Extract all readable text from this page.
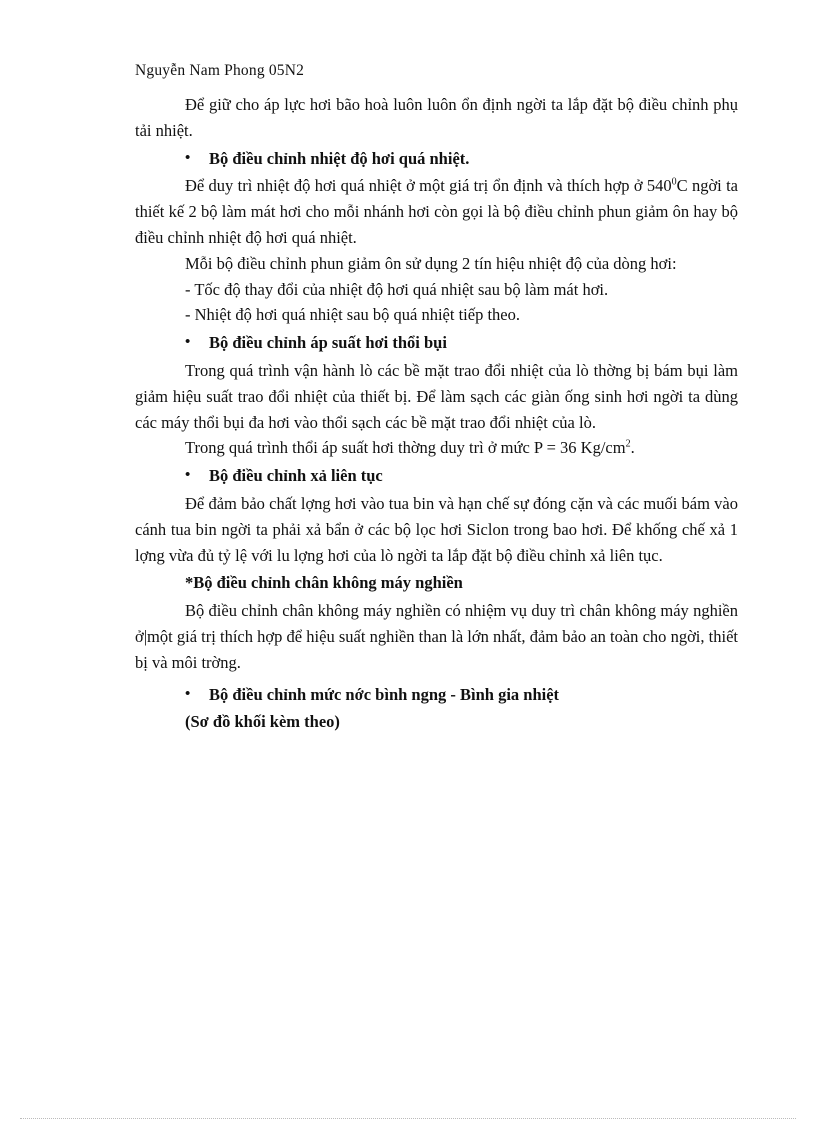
Nguyễn Nam Phong 05N2

Để giữ cho áp lực hơi bão hoà luôn luôn ổn định ngời ta lắp đặt bộ điều chỉnh phụ tải nhiệt.

• Bộ điều chỉnh nhiệt độ hơi quá nhiệt.

Để duy trì nhiệt độ hơi quá nhiệt ở một giá trị ổn định và thích hợp ở $540^0C$ ngời ta thiết kế 2 bộ làm mát hơi cho mỗi nhánh hơi còn gọi là bộ điều chỉnh phun giảm ôn hay bộ điều chỉnh nhiệt độ hơi quá nhiệt.

Mỗi bộ điều chỉnh phun giảm ôn sử dụng 2 tín hiệu nhiệt độ của dòng hơi:

- Tốc độ thay đổi của nhiệt độ hơi quá nhiệt sau bộ làm mát hơi.

- Nhiệt độ hơi quá nhiệt sau bộ quá nhiệt tiếp theo.

• Bộ điều chỉnh áp suất hơi thổi bụi

Trong quá trình vận hành lò các bề mặt trao đổi nhiệt của lò thờng bị bám bụi làm giảm hiệu suất trao đổi nhiệt của thiết bị. Để làm sạch các giàn ống sinh hơi ngời ta dùng các máy thổi bụi đa hơi vào thổi sạch các bề mặt trao đổi nhiệt của lò.

Trong quá trình thổi áp suất hơi thờng duy trì ở mức P = 36 $Kg/cm^2$.

• Bộ điều chỉnh xả liên tục

Để đảm bảo chất lợng hơi vào tua bin và hạn chế sự đóng cặn và các muối bám vào cánh tua bin ngời ta phải xả bẩn ở các bộ lọc hơi Siclon trong bao hơi. Để khống chế xả 1 lợng vừa đủ tỷ lệ với lu lợng hơi của lò ngời ta lắp đặt bộ điều chỉnh xả liên tục.

*Bộ điều chỉnh chân không máy nghiền

Bộ điều chỉnh chân không máy nghiền có nhiệm vụ duy trì chân không máy nghiền ở|một giá trị thích hợp để hiệu suất nghiền than là lớn nhất, đảm bảo an toàn cho ngời, thiết bị và môi trờng.

• Bộ điều chỉnh mức nớc bình ngng - Bình gia nhiệt

(Sơ đồ khối kèm theo)
